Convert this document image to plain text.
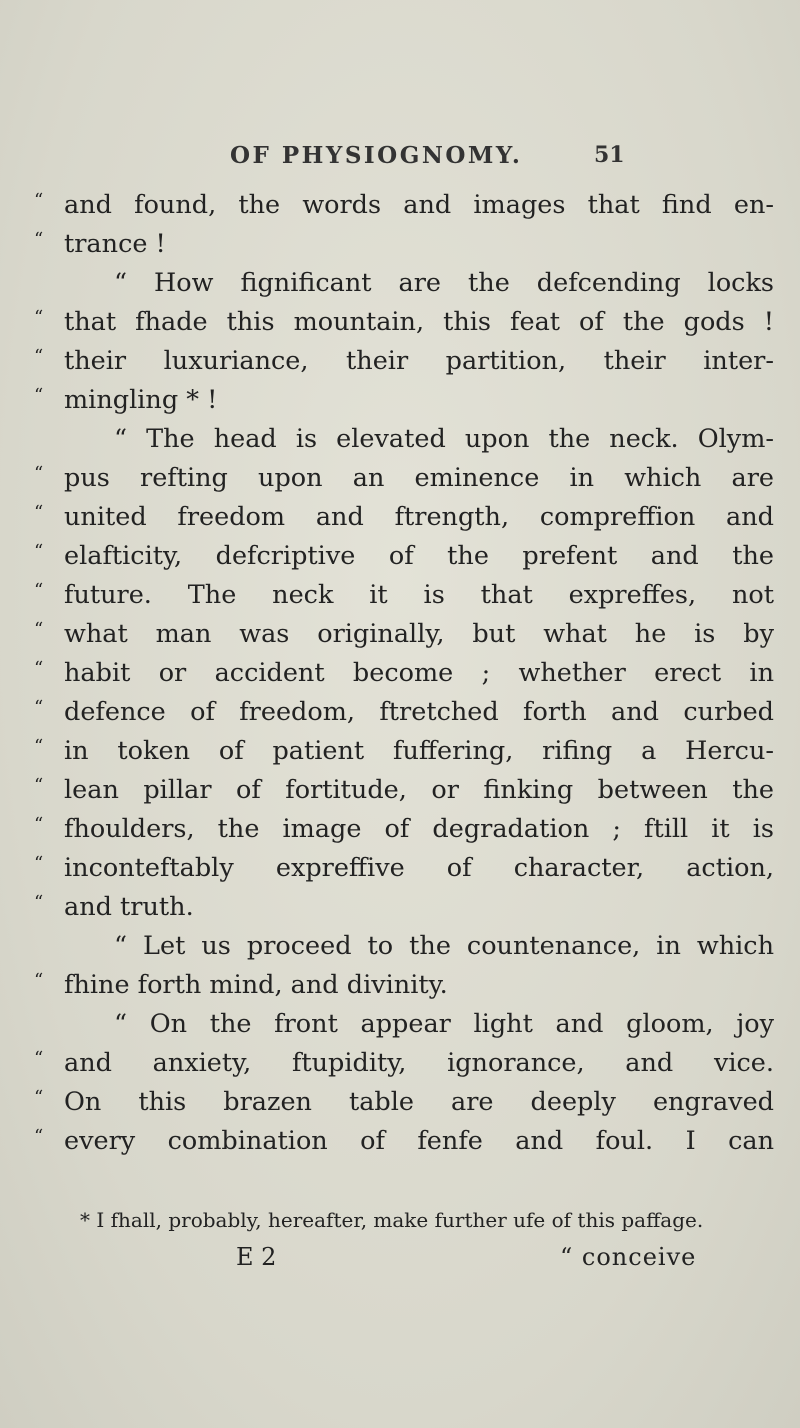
OF PHYSIOGNOMY.	51
“ and found, the words and images that find en-
“ trance !
“ How fignificant are the defcending locks
“ that fhade this mountain, this feat of the gods !
“ their luxuriance, their partition, their inter-
“ mingling * !
“ The head is elevated upon the neck. Olym-
“ pus refting upon an eminence in which are
“ united freedom and ftrength, compreffion and
“ elafticity, defcriptive of the prefent and the
“ future. The neck it is that expreffes, not
“ what man was originally, but what he is by
“ habit or accident become ; whether erect in
“ defence of freedom, ftretched forth and curbed
“ in token of patient fuffering, rifing a Hercu-
“ lean pillar of fortitude, or finking between the
“ fhoulders, the image of degradation ; ftill it is
“ inconteftably expreffive of character, action,
“ and truth.
“ Let us proceed to the countenance, in which
“ fhine forth mind, and divinity.
“ On the front appear light and gloom, joy
“ and anxiety, ftupidity, ignorance, and vice.
“ On this brazen table are deeply engraved
“ every combination of fenfe and foul. I can
* I fhall, probably, hereafter, make further ufe of this paffage.
E 2	“ conceive
